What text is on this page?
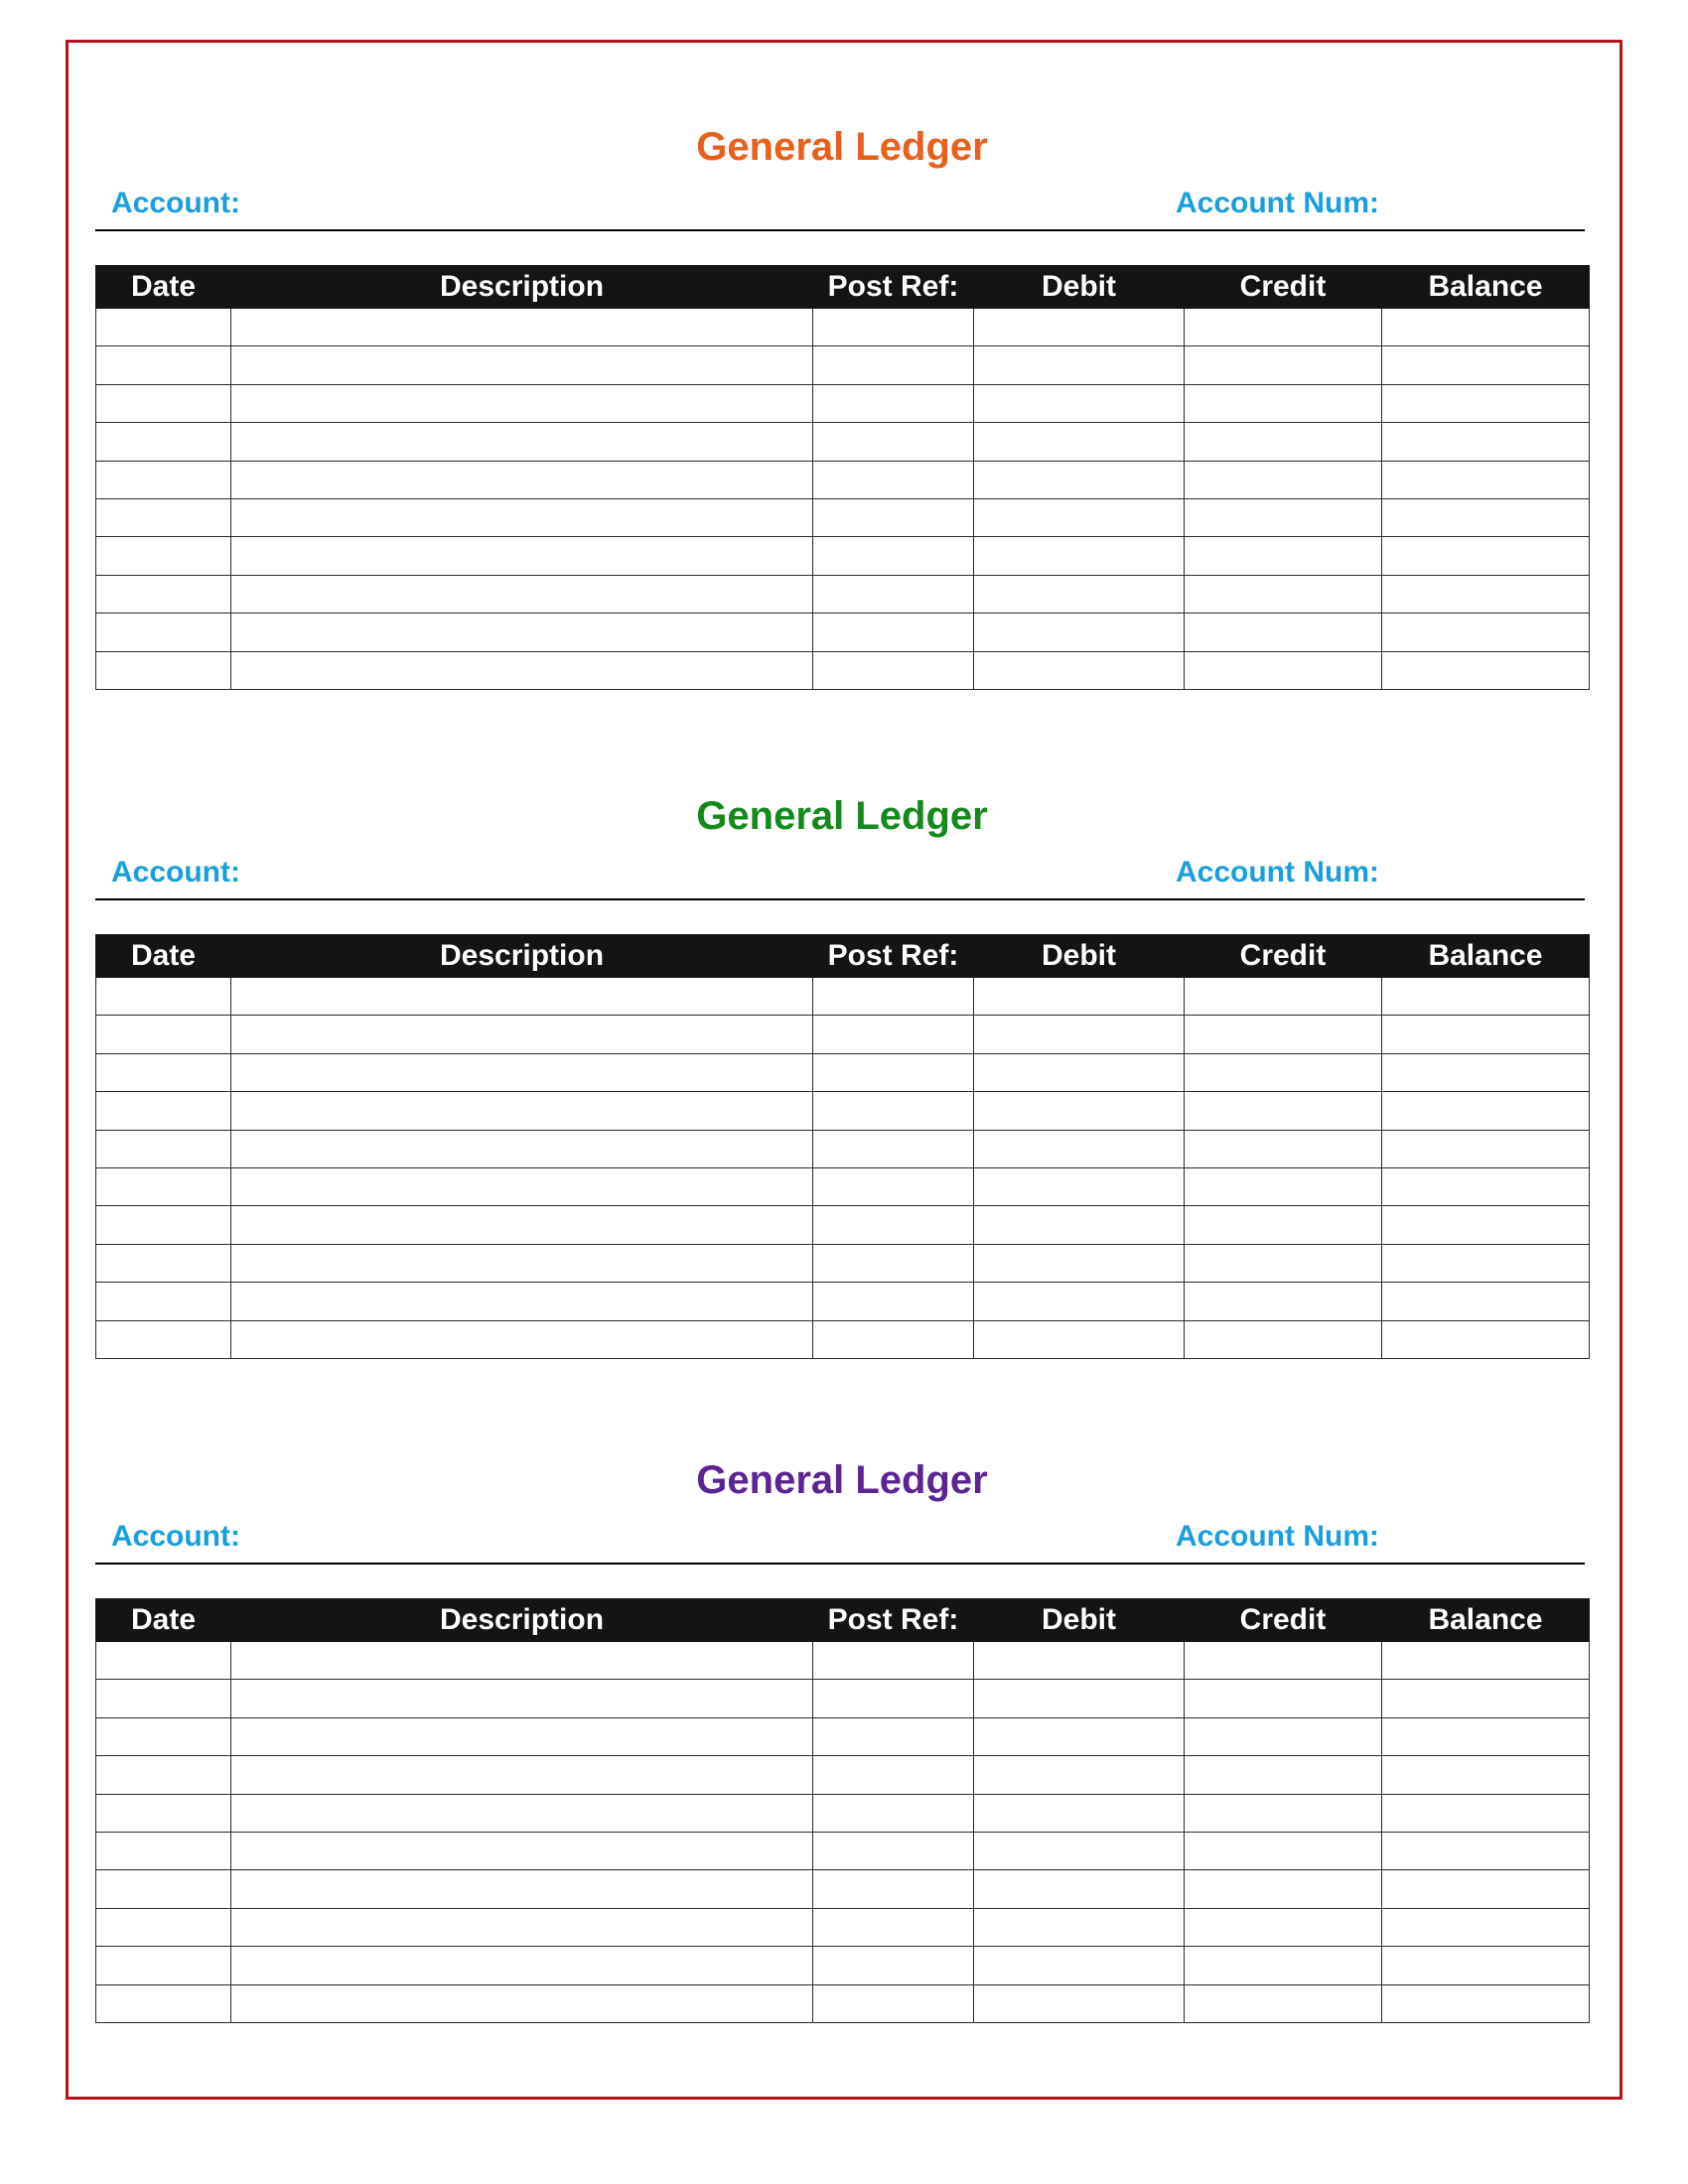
General Ledger
Account:	Account Num:
Date	Description	Post Ref:	Debit	Credit	Balance

General Ledger
Account:	Account Num:
Date	Description	Post Ref:	Debit	Credit	Balance

General Ledger
Account:	Account Num:
Date	Description	Post Ref:	Debit	Credit	Balance
